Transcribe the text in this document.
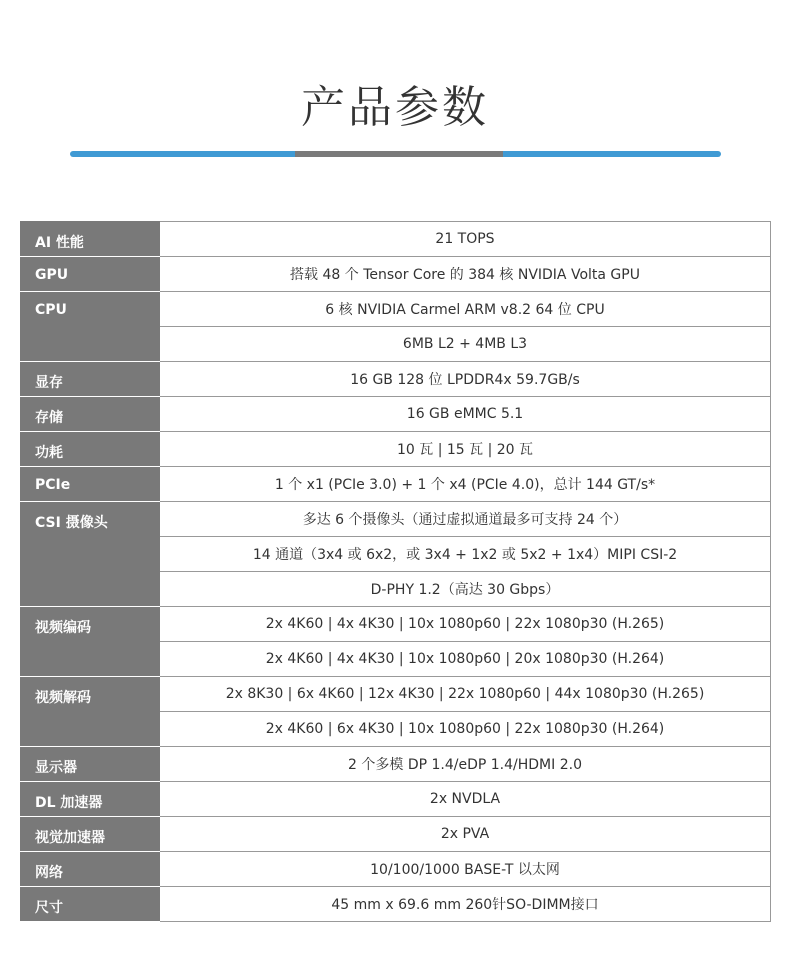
产品参数
AI 性能	21 TOPS
GPU	搭载 48 个 Tensor Core 的 384 核 NVIDIA Volta GPU
CPU	6 核 NVIDIA Carmel ARM v8.2 64 位 CPU
	6MB L2 + 4MB L3
显存	16 GB 128 位 LPDDR4x 59.7GB/s
存储	16 GB eMMC 5.1
功耗	10 瓦 | 15 瓦 | 20 瓦
PCIe	1 个 x1 (PCIe 3.0) + 1 个 x4 (PCIe 4.0)，总计 144 GT/s*
CSI 摄像头	多达 6 个摄像头（通过虚拟通道最多可支持 24 个）
	14 通道（3x4 或 6x2，或 3x4 + 1x2 或 5x2 + 1x4）MIPI CSI-2
	D-PHY 1.2（高达 30 Gbps）
视频编码	2x 4K60 | 4x 4K30 | 10x 1080p60 | 22x 1080p30 (H.265)
	2x 4K60 | 4x 4K30 | 10x 1080p60 | 20x 1080p30 (H.264)
视频解码	2x 8K30 | 6x 4K60 | 12x 4K30 | 22x 1080p60 | 44x 1080p30 (H.265)
	2x 4K60 | 6x 4K30 | 10x 1080p60 | 22x 1080p30 (H.264)
显示器	2 个多模 DP 1.4/eDP 1.4/HDMI 2.0
DL 加速器	2x NVDLA
视觉加速器	2x PVA
网络	10/100/1000 BASE-T 以太网
尺寸	45 mm x 69.6 mm 260针SO-DIMM接口
